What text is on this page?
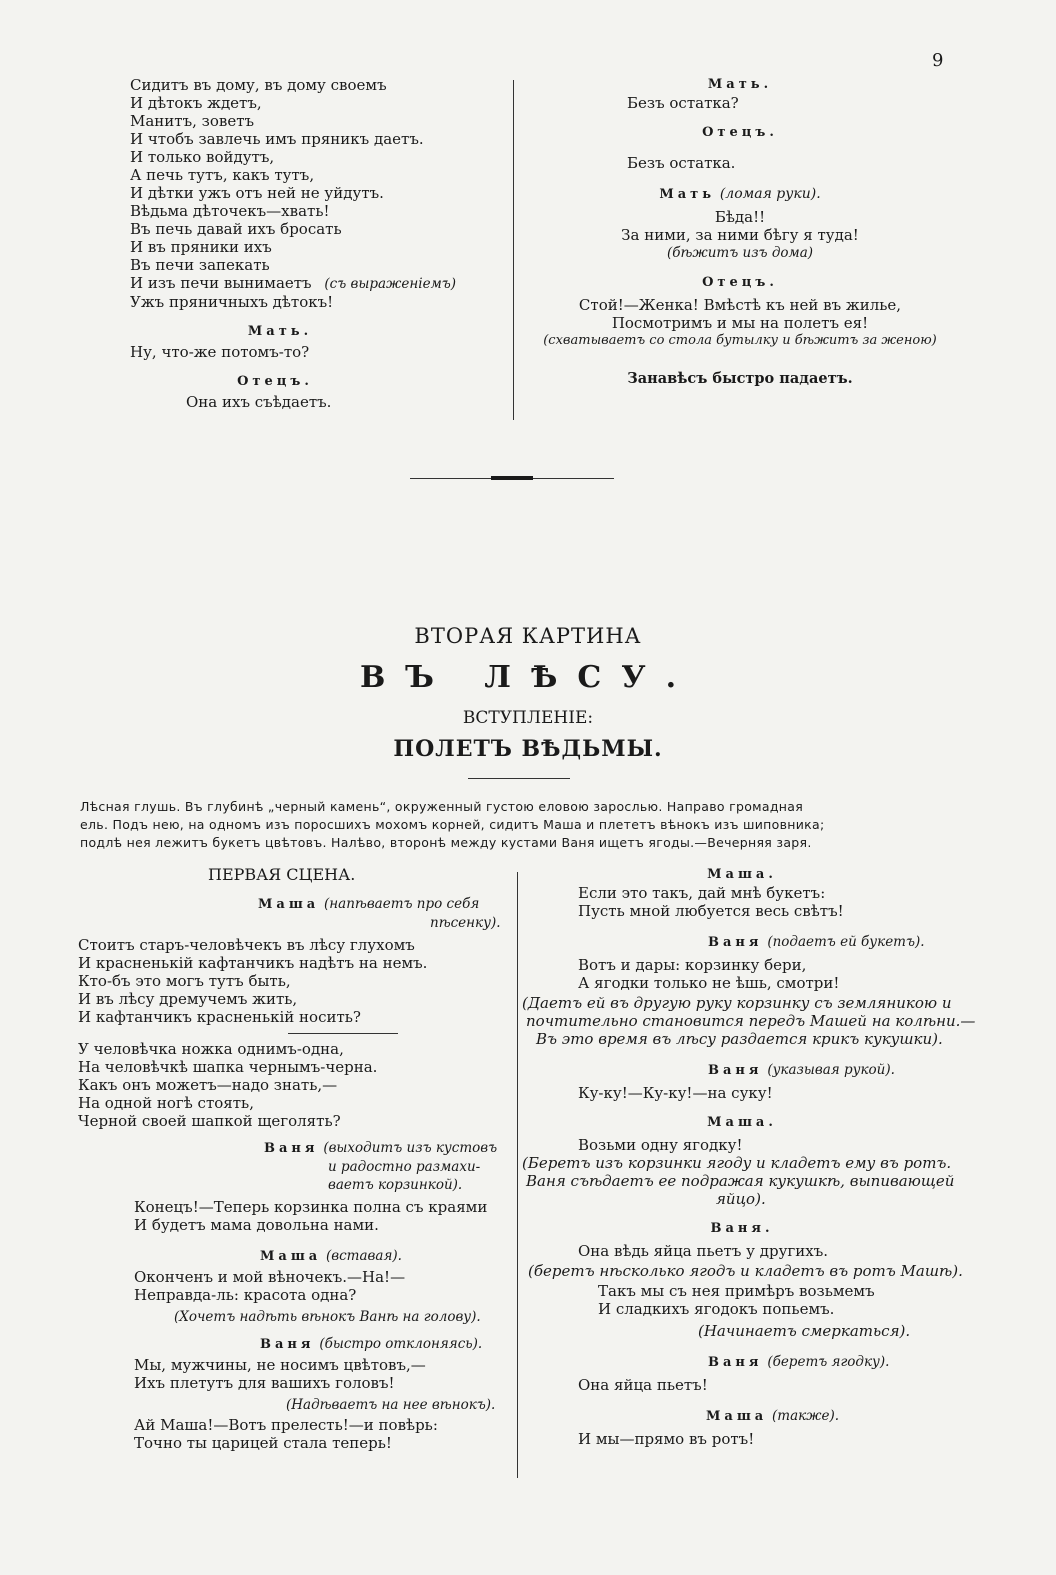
9
Сидитъ въ дому, въ дому своемъ
И дѣтокъ ждетъ,
Манитъ, зоветъ
И чтобъ завлечь имъ пряникъ даетъ.
И только войдутъ,
А печь тутъ, какъ тутъ,
И дѣтки ужъ отъ ней не уйдутъ.
Вѣдьма дѣточекъ—хвать!
Въ печь давай ихъ бросать
И въ пряники ихъ
Въ печи запекать
И изъ печи вынимаетъ (съ выраженіемъ)
Ужъ пряничныхъ дѣтокъ!
Мать.
Ну, что-же потомъ-то?
Отецъ.
Она ихъ съѣдаетъ.
Мать.
Безъ остатка?
Отецъ.
Безъ остатка.
Мать (ломая руки).
Бѣда!!
За ними, за ними бѣгу я туда!
(бѣжитъ изъ дома)
Отецъ.
Стой!—Женка! Вмѣстѣ къ ней въ жилье,
Посмотримъ и мы на полетъ ея!
(схватываетъ со стола бутылку и бѣжитъ за женою)
Занавѣсъ быстро падаетъ.
ВТОРАЯ КАРТИНА
ВЪ ЛѢСУ.
ВСТУПЛЕНІЕ:
ПОЛЕТЪ ВѢДЬМЫ.
Лѣсная глушь. Въ глубинѣ „черный камень“, окруженный густою еловою зарослью. Направо громадная
ель. Подъ нею, на одномъ изъ поросшихъ мохомъ корней, сидитъ Маша и плететъ вѣнокъ изъ шиповника;
подлѣ нея лежитъ букетъ цвѣтовъ. Налѣво, второнѣ между кустами Ваня ищетъ ягоды.—Вечерняя заря.
ПЕРВАЯ СЦЕНА.
Маша (напѣваетъ про себя
пѣсенку).
Стоитъ старъ-человѣчекъ въ лѣсу глухомъ
И красненькій кафтанчикъ надѣтъ на немъ.
Кто-бъ это могъ тутъ быть,
И въ лѣсу дремучемъ жить,
И кафтанчикъ красненькій носить?
У человѣчка ножка однимъ-одна,
На человѣчкѣ шапка чернымъ-черна.
Какъ онъ можетъ—надо знать,—
На одной ногѣ стоять,
Черной своей шапкой щеголять?
Ваня (выходитъ изъ кустовъ
и радостно размахи-
ваетъ корзинкой).
Конецъ!—Теперь корзинка полна съ краями
И будетъ мама довольна нами.
Маша (вставая).
Оконченъ и мой вѣночекъ.—На!—
Неправда-ль: красота одна?
(Хочетъ надѣть вѣнокъ Ванѣ на голову).
Ваня (быстро отклоняясь).
Мы, мужчины, не носимъ цвѣтовъ,—
Ихъ плетутъ для вашихъ головъ!
(Надѣваетъ на нее вѣнокъ).
Ай Маша!—Вотъ прелесть!—и повѣрь:
Точно ты царицей стала теперь!
Маша.
Если это такъ, дай мнѣ букетъ:
Пусть мной любуется весь свѣтъ!
Ваня (подаетъ ей букетъ).
Вотъ и дары: корзинку бери,
А ягодки только не ѣшь, смотри!
(Даетъ ей въ другую руку корзинку съ земляникою и
почтительно становится передъ Машей на колѣни.—
Въ это время въ лѣсу раздается крикъ кукушки).
Ваня (указывая рукой).
Ку-ку!—Ку-ку!—на суку!
Маша.
Возьми одну ягодку!
(Беретъ изъ корзинки ягоду и кладетъ ему въ ротъ.
Ваня съѣдаетъ ее подражая кукушкѣ, выпивающей
яйцо).
Ваня.
Она вѣдь яйца пьетъ у другихъ.
(беретъ нѣсколько ягодъ и кладетъ въ ротъ Машѣ).
Такъ мы съ нея примѣръ возьмемъ
И сладкихъ ягодокъ попьемъ.
(Начинаетъ смеркаться).
Ваня (беретъ ягодку).
Она яйца пьетъ!
Маша (также).
И мы—прямо въ ротъ!
